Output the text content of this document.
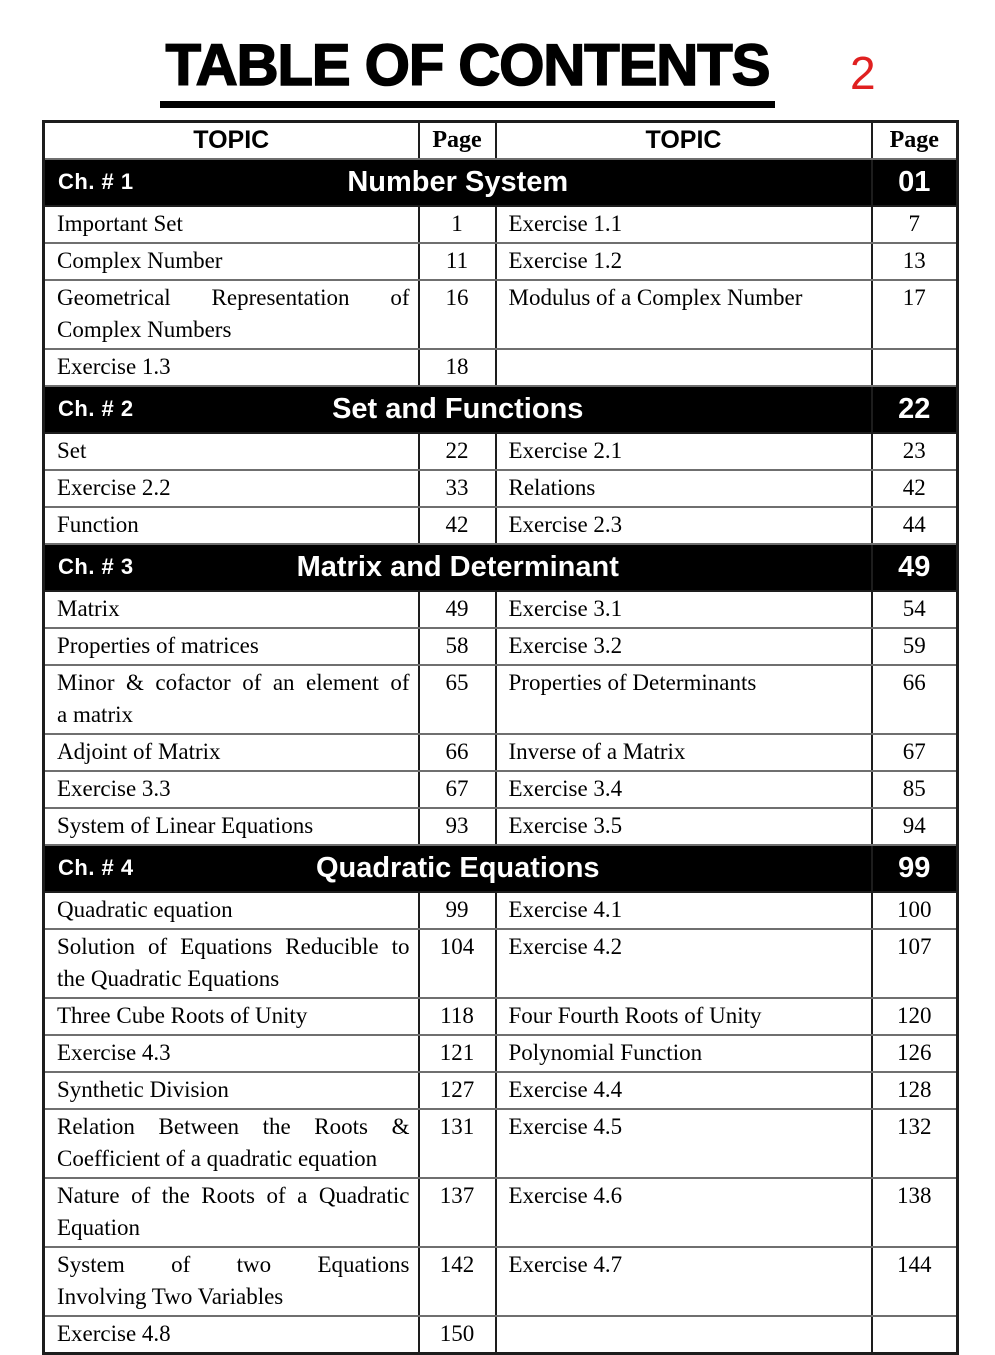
TABLE OF CONTENTS	2
TOPIC	Page	TOPIC	Page

Ch. # 1 Number System			01
Important Set	1	Exercise 1.1	7
Complex Number	11	Exercise 1.2	13

Geometrical Representation of
Complex Numbers	16	Modulus of a Complex Number	17
Exercise 1.3	18		

Ch. # 2 Set and Functions			22
Set	22	Exercise 2.1	23
Exercise 2.2	33	Relations	42
Function	42	Exercise 2.3	44

Ch. # 3 Matrix and Determinant			49
Matrix	49	Exercise 3.1	54
Properties of matrices	58	Exercise 3.2	59

Minor & cofactor of an element of
a matrix	65	Properties of Determinants	66
Adjoint of Matrix	66	Inverse of a Matrix	67
Exercise 3.3	67	Exercise 3.4	85
System of Linear Equations	93	Exercise 3.5	94

Ch. # 4 Quadratic Equations			99
Quadratic equation	99	Exercise 4.1	100

Solution of Equations Reducible to
the Quadratic Equations	104	Exercise 4.2	107
Three Cube Roots of Unity	118	Four Fourth Roots of Unity	120
Exercise 4.3	121	Polynomial Function	126
Synthetic Division	127	Exercise 4.4	128

Relation Between the Roots &
Coefficient of a quadratic equation	131	Exercise 4.5	132

Nature of the Roots of a Quadratic
Equation	137	Exercise 4.6	138

System of two Equations
Involving Two Variables	142	Exercise 4.7	144
Exercise 4.8	150		
